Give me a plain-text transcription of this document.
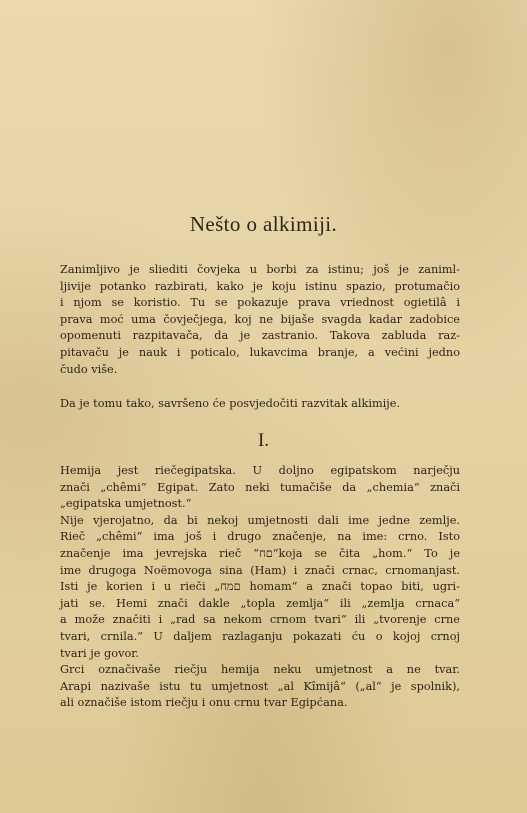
Nešto o alkimiji.
Zanimljivo je sliediti čovjeka u borbi za istinu; još je zaniml-
ljivije potanko razbirati, kako je koju istinu spazio, protumačio
i njom se koristio. Tu se pokazuje prava vriednost ogietilâ i
prava moć uma čovječjega, koj ne bijaše svagda kadar zadobice
opomenuti razpitavača, da je zastranio. Takova zabluda raz-
pitavaču je nauk i poticalo, lukavcima branje, a većini jedno
čudo više.
Da je tomu tako, savršeno će posvjedočiti razvitak alkimije.
I.
Hemija jest riečegipatska. U doljno egipatskom narječju
znači „chêmi“ Egipat. Zato neki tumačiše da „chemia“ znači
„egipatska umjetnost.“
Nije vjerojatno, da bi nekoj umjetnosti dali ime jedne zemlje.
Rieč „chêmi“ ima još i drugo značenje, na ime: crno. Isto
značenje ima jevrejska rieč “םח“koja se čita „hom.“ To je
ime drugoga Noëmovoga sina (Ham) i znači crnac, crnomanjast.
Isti je korien i u rieči „םמח homam“ a znači topao biti, ugri-
jati se. Hemi znači dakle „topla zemlja“ ili „zemlja crnaca“
a može značiti i „rad sa nekom crnom tvari“ ili „tvorenje crne
tvari, crnila.“ U daljem razlaganju pokazati ću o kojoj crnoj
tvari je govor.
Grci označivaše riečju hemija neku umjetnost a ne tvar.
Arapi nazivaše istu tu umjetnost „al Kîmijâ“ („al“ je spolnik),
ali označiše istom riečju i onu crnu tvar Egipćana.
